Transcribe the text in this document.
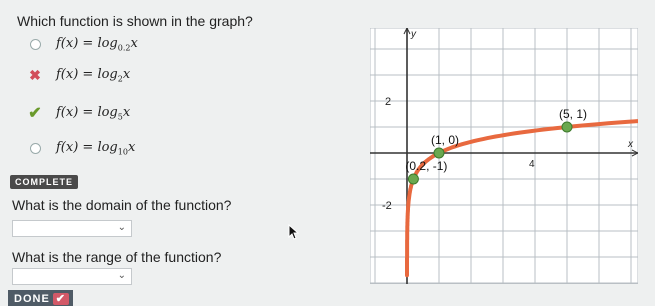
Which function is shown in the graph?
$f(x) = \log_{0.2}x$
✖ $f(x) = \log_2x$
✔ $f(x) = \log_5x$
$f(x) = \log_{10}x$
COMPLETE
What is the domain of the function?
⌄
What is the range of the function?
⌄
DONE ✔
y
x
2
-2
4
(0.2, -1)
(1, 0)
(5, 1)
